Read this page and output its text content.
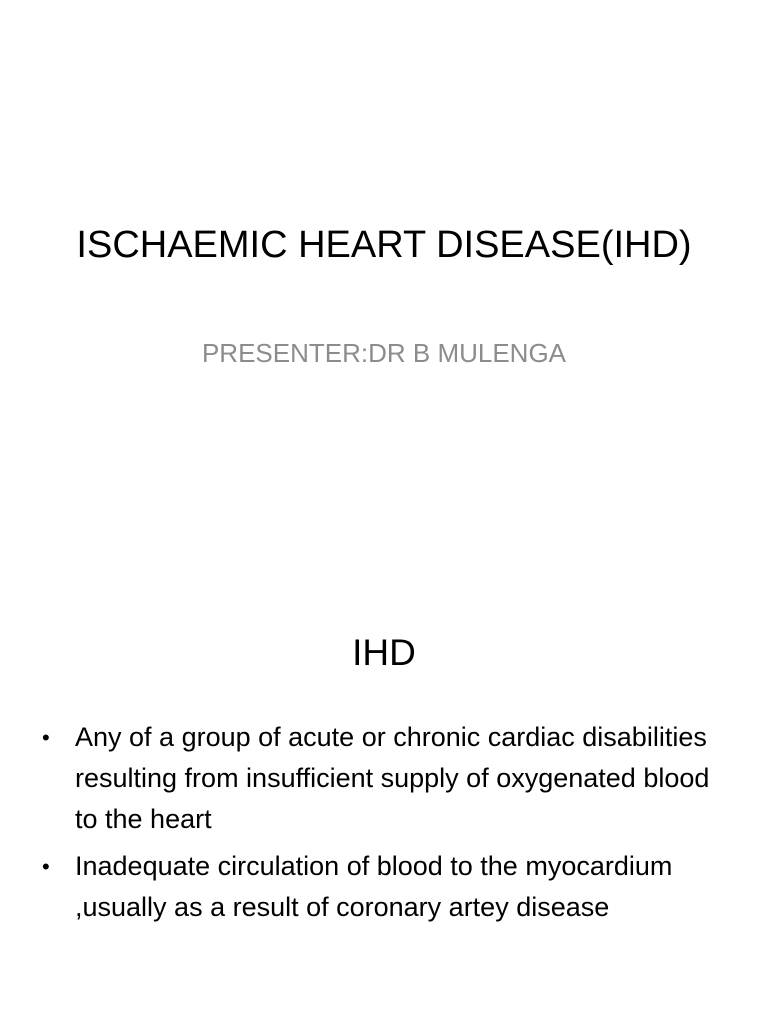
ISCHAEMIC HEART DISEASE(IHD)
PRESENTER:DR B MULENGA
IHD
• Any of a group of acute or chronic cardiac disabilities resulting from insufficient supply of oxygenated blood to the heart
• Inadequate circulation of blood to the myocardium ,usually as a result of coronary artey disease
